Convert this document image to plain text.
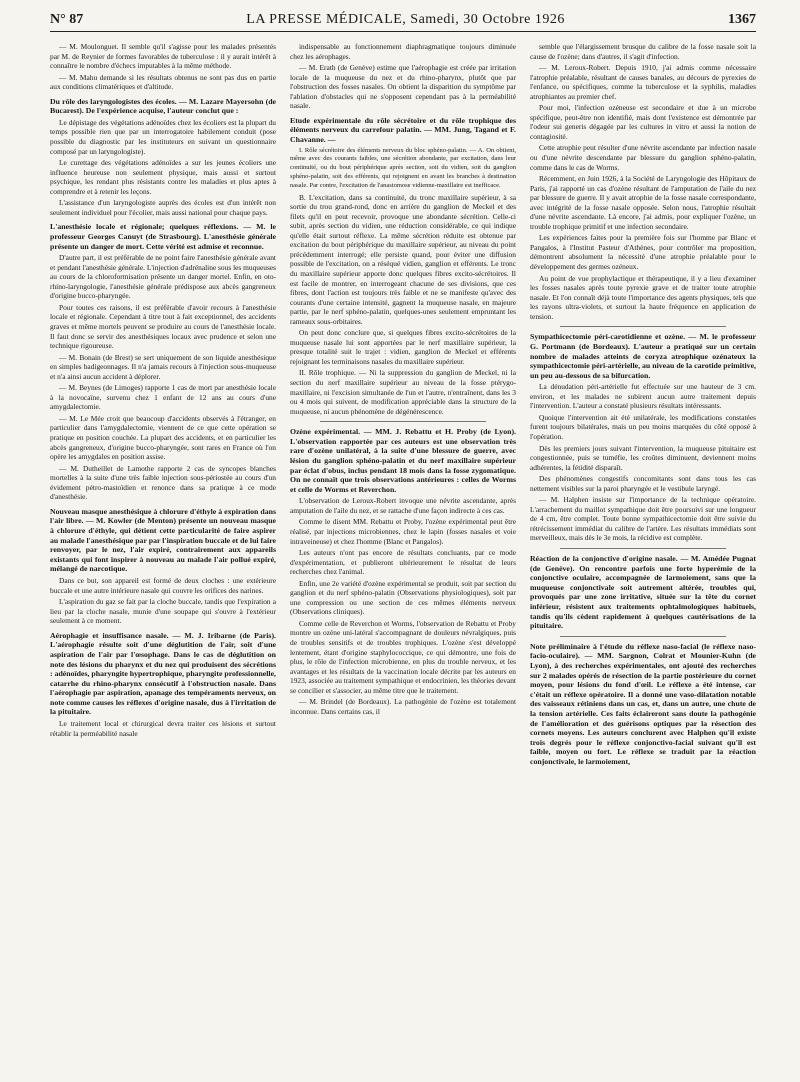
N° 87	LA PRESSE MÉDICALE, Samedi, 30 Octobre 1926	1367

— M. Moulonguet. Il semble qu'il s'agisse pour les malades présentés par M. de Reynier de formes favorables de tuberculose : il y aurait intérêt à connaître le nombre d'échecs imputables à la même méthode.

— M. Mahu demande si les résultats obtenus ne sont pas dus en partie aux conditions climatériques et d'altitude.

Du rôle des laryngologistes des écoles. — M. Lazare Mayersohn (de Bucarest). De l'expérience acquise, l'auteur conclut que :

Le dépistage des végétations adénoïdes chez les écoliers est la plupart du temps possible rien que par un interrogatoire habilement conduit (pose possible du diagnostic par les instituteurs en suivant un questionnaire composé par un laryngologiste).

Le curettage des végétations adénoïdes a sur les jeunes écoliers une influence heureuse non seulement physique, mais aussi et surtout psychique, les rendant plus résistants contre les maladies et plus aptes à comprendre et à retenir les leçons.

L'assistance d'un laryngologiste auprès des écoles est d'un intérêt non seulement individuel pour l'écolier, mais aussi national pour chaque pays.

L'anesthésie locale et régionale; quelques réflexions. — M. le professeur Georges Canuyt (de Strasbourg). L'anesthésie générale présente un danger de mort. Cette vérité est admise et reconnue.

D'autre part, il est préférable de ne point faire l'anesthésie générale avant et pendant l'anesthésie générale. L'injection d'adrénaline sous les muqueuses au cours de la chloroformisation présente un danger mortel. Enfin, en oto-rhino-laryngologie, l'anesthésie générale prédispose aux abcès gangreneux d'origine bucco-pharyngée.

Pour toutes ces raisons, il est préférable d'avoir recours à l'anesthésie locale et régionale. Cependant à titre tout à fait exceptionnel, des accidents graves et même mortels peuvent se produire au cours de l'anesthésie locale. Il faut donc se servir des anesthésiques locaux avec prudence et selon une technique rigoureuse.

— M. Bonain (de Brest) se sert uniquement de son liquide anesthésique en simples badigeonnages. Il n'a jamais recours à l'injection sous-muqueuse et n'a ainsi aucun accident à déplorer.

— M. Beynes (de Limoges) rapporte 1 cas de mort par anesthésie locale à la novocaïne, survenu chez 1 enfant de 12 ans au cours d'une amygdalectomie.

— M. Le Mée croit que beaucoup d'accidents observés à l'étranger, en particulier dans l'amygdalectomie, viennent de ce que cette opération se pratique en position couchée. La plupart des accidents, et en particulier les abcès gangreneux, d'origine bucco-pharyngée, sont rares en France où l'on opère les amygdales en position assise.

— M. Dutheillet de Lamothe rapporte 2 cas de syncopes blanches mortelles à la suite d'une très faible injection sous-périostée au cours d'un évidement pétro-mastoïdien et renonce dans sa pratique à ce mode d'anesthésie.

Nouveau masque anesthésique à chlorure d'éthyle à expiration dans l'air libre. — M. Kowler (de Menton) présente un nouveau masque à chlorure d'éthyle, qui détient cette particularité de faire aspirer au malade l'anesthésique par par l'inspiration buccale et de lui faire renvoyer, par le nez, l'air expiré, contrairement aux appareils existants qui font inspirer à nouveau au malade l'air pollué expiré, mélangé de narcotique.

Dans ce but, son appareil est formé de deux cloches : une extérieure buccale et une autre intérieure nasale qui couvre les orifices des narines.

L'aspiration du gaz se fait par la cloche buccale, tandis que l'expiration a lieu par la cloche nasale, munie d'une soupape qui s'ouvre à l'extérieur seulement à ce moment.

Aérophagie et insuffisance nasale. — M. J. Iribarne (de Paris). L'aérophagie résulte soit d'une déglutition de l'air, soit d'une aspiration de l'air par l'œsophage. Dans le cas de déglutition on note des lésions du pharynx et du nez qui produisent des sécrétions : adénoïdes, pharyngite hypertrophique, pharyngite professionnelle, catarrhe du rhino-pharynx consécutif à l'obstruction nasale. Dans l'aérophagie par aspiration, apanage des tempéraments nerveux, on note comme causes les réflexes d'origine nasale, dus à l'irritation de la pituitaire.

Le traitement local et chirurgical devra traiter ces lésions et surtout rétablir la perméabilité nasale

indispensable au fonctionnement diaphragmatique toujours diminuée chez les aérophages.

— M. Erath (de Genève) estime que l'aérophagie est créée par irritation locale de la muqueuse du nez et du rhino-pharynx, plutôt que par l'obstruction des fosses nasales. On obtient la disparition du symptôme par l'ablation d'obstacles qui ne s'opposent cependant pas à la perméabilité nasale.

Etude expérimentale du rôle sécrétoire et du rôle trophique des éléments nerveux du carrefour palatin. — MM. Jung, Tagand et F. Chavanne. —

I. Rôle sécrétoire des éléments nerveux du bloc sphéno-palatin. — A. On obtient, même avec des courants faibles, une sécrétion abondante, par excitation, dans leur continuité, ou du bout périphérique après section, soit du vidien, soit du ganglion sphéno-palatin, soit des efférents, qui rejoignent en avant les branches à destination nasale. Par contre, l'excitation de l'anastomose vidienne-maxillaire est inefficace.

B. L'excitation, dans sa continuité, du tronc maxillaire supérieur, à sa sortie du trou grand-rond, donc en arrière du ganglion de Meckel et des filets qu'il en peut recevoir, provoque une abondante sécrétion. Celle-ci subit, après section du vidien, une réduction considérable, ce qui indique qu'elle était surtout réflexe. La même sécrétion réduite est obtenue par excitation du bout périphérique du maxillaire supérieur, au niveau du point précédemment interrogé; elle persiste quand, pour éviter une diffusion possible de l'excitation, on a réséqué vidien, ganglion et efférents. Le tronc du maxillaire supérieur apporte donc quelques fibres excito-sécrétoires. Il est facile de montrer, en interrogeant chacune de ses divisions, que ces fibres, dont l'action est toujours très faible et ne se manifeste qu'avec des courants d'une certaine intensité, gagnent la muqueuse nasale, en majeure partie, par le nerf sphéno-palatin, quelques-unes seulement empruntant les rameaux sous-orbitaires.

On peut donc conclure que, si quelques fibres excito-sécrétoires de la muqueuse nasale lui sont apportées par le nerf maxillaire supérieur, la presque totalité suit le trajet : vidien, ganglion de Meckel et efférents rejoignant les terminaisons nasales du maxillaire supérieur.

II. Rôle trophique. — Ni la suppression du ganglion de Meckel, ni la section du nerf maxillaire supérieur au niveau de la fosse ptérygo-maxillaire, ni l'excision simultanée de l'un et l'autre, n'entraînent, dans les 3 ou 4 mois qui suivent, de modification appréciable dans la structure de la muqueuse, ni aucun phénomène de dégénérescence.

Ozène expérimental. — MM. J. Rebattu et H. Proby (de Lyon). L'observation rapportée par ces auteurs est une observation très rare d'ozène unilatéral, à la suite d'une blessure de guerre, avec lésion du ganglion sphéno-palatin et du nerf maxillaire supérieur par éclat d'obus, inclus pendant 18 mois dans la fosse zygomatique. On ne connaît que trois observations antérieures : celles de Worms et celle de Worms et Reverchon.

L'observation de Leroux-Robert invoque une névrite ascendante, après amputation de l'aile du nez, et se rattache d'une façon indirecte à ces cas.

Comme le disent MM. Rebattu et Proby, l'ozène expérimental peut être réalisé, par injections microbiennes, chez le lapin (fosses nasales et voie intraveineuse) et chez l'homme (Blanc et Pangalos).

Les auteurs n'ont pas encore de résultats concluants, par ce mode d'expérimentation, et publieront ultérieurement le résultat de leurs recherches chez l'animal.

Enfin, une 2e variété d'ozène expérimental se produit, soit par section du ganglion et du nerf sphéno-palatin (Observations physiologiques), soit par une compression ou une section de ces mêmes éléments nerveux (Observations cliniques).

Comme celle de Reverchon et Worms, l'observation de Rebattu et Proby montre un ozène uni-latéral s'accompagnant de douleurs névralgiques, puis de troubles sensitifs et de troubles trophiques. L'ozène s'est développé lentement, étant d'origine staphylococcique, ce qui démontre, une fois de plus, le rôle de l'infection microbienne, en plus du trouble nerveux, et les avantages et les résultats de la vaccination locale décrite par les auteurs en 1923, associée au traitement sympathique et endocrinien, les théories devant se concilier et s'associer, au même titre que le traitement.

— M. Brindel (de Bordeaux). La pathogénie de l'ozène est totalement inconnue. Dans certains cas, il

semble que l'élargissement brusque du calibre de la fosse nasale soit la cause de l'ozène; dans d'autres, il s'agit d'infection.

— M. Leroux-Robert. Depuis 1910, j'ai admis comme nécessaire l'atrophie préalable, résultant de causes banales, au décours de pyrexies de l'enfance, ou spécifiques, comme la tuberculose et la syphilis, maladies atrophiantes au premier chef.

Pour moi, l'infection ozéneuse est secondaire et due à un microbe spécifique, peut-être non identifié, mais dont l'existence est démontrée par l'odeur sui generis dégagée par les cultures in vitro et aussi la notion de contagiosité.

Cette atrophie peut résulter d'une névrite ascendante par infection nasale ou d'une névrite descendante par blessure du ganglion sphéno-palatin, comme dans le cas de Worms.

Récemment, en Juin 1926, à la Société de Laryngologie des Hôpitaux de Paris, j'ai rapporté un cas d'ozène résultant de l'amputation de l'aile du nez par blessure de guerre. Il y avait atrophie de la fosse nasale correspondante, avec intégrité de la fosse nasale opposée. Selon nous, l'atrophie résultait d'une névrite ascendante. Là encore, j'ai admis, pour expliquer l'ozène, un trouble trophique primitif et une infection secondaire.

Les expériences faites pour la première fois sur l'homme par Blanc et Pangalos, à l'Institut Pasteur d'Athènes, pour contrôler ma proposition, démontrent absolument la nécessité d'une atrophie préalable pour le développement des germes ozéneux.

Au point de vue prophylactique et thérapeutique, il y a lieu d'examiner les fosses nasales après toute pyrexie grave et de traiter toute atrophie nasale. Et l'on connaît déjà toute l'importance des agents physiques, tels que les rayons ultra-violets, et surtout la haute fréquence en application de tension.

Sympathicectomie péri-carotidienne et ozène. — M. le professeur G. Portmann (de Bordeaux). L'auteur a pratiqué sur un certain nombre de malades atteints de coryza atrophique ozénateux la sympathicectomie péri-artérielle, au niveau de la carotide primitive, un peu au-dessous de sa bifurcation.

La dénudation péri-artérielle fut effectuée sur une hauteur de 3 cm. environ, et les malades ne subirent aucun autre traitement depuis l'intervention. L'auteur a constaté plusieurs résultats intéressants.

Quoique l'intervention ait été unilatérale, les modifications constatées furent toujours bilatérales, mais un peu moins marquées du côté opposé à l'opération.

Dès les premiers jours suivant l'intervention, la muqueuse pituitaire est congestionnée, puis se tuméfie, les croûtes diminuent, deviennent moins adhérentes, la fétidité disparaît.

Des phénomènes congestifs concomitants sont dans tous les cas nettement visibles sur la paroi pharyngée et le vestibule laryngé.

— M. Halphen insiste sur l'importance de la technique opératoire. L'arrachement du maillot sympathique doit être poursuivi sur une longueur de 4 cm, être complet. Toute bonne sympathicectomie doit être suivie du rétrécissement immédiat du calibre de l'artère. Les résultats immédiats sont merveilleux, mais dès le 3e mois, la récidive est complète.

Réaction de la conjonctive d'origine nasale. — M. Amédée Pugnat (de Genève). On rencontre parfois une forte hyperémie de la conjonctive oculaire, accompagnée de larmoiement, sans que la muqueuse conjonctivale soit autrement altérée, troubles qui, provoqués par une zone irritative, située sur la tête du cornet inférieur, résistent aux traitements ophtalmologiques habituels, tandis qu'ils cèdent rapidement à quelques cautérisations de la pituitaire.
Note préliminaire à l'étude du réflexe naso-facial (le réflexe naso-facio-oculaire). — MM. Sargnon, Colrat et Mounier-Kuhn (de Lyon), à des recherches expérimentales, ont ajouté des recherches sur 2 malades opérés de résection de la partie postérieure du cornet moyen, pour lésions du fond d'œil. Le réflexe a été intense, car c'était un réflexe opératoire. Il a donné une vaso-dilatation notable des vaisseaux rétiniens dans un cas, et, dans un autre, une chute de la tension artérielle. Ces faits éclaireront sans doute la pathogénie de l'amélioration et des guérisons optiques par la résection des cornets moyens. Les auteurs conclurent avec Halphen qu'il existe trois degrés pour le réflexe conjonctivo-facial suivant qu'il est faible, moyen ou fort. Le réflexe se traduit par la réaction conjonctivale, le larmoiement,
